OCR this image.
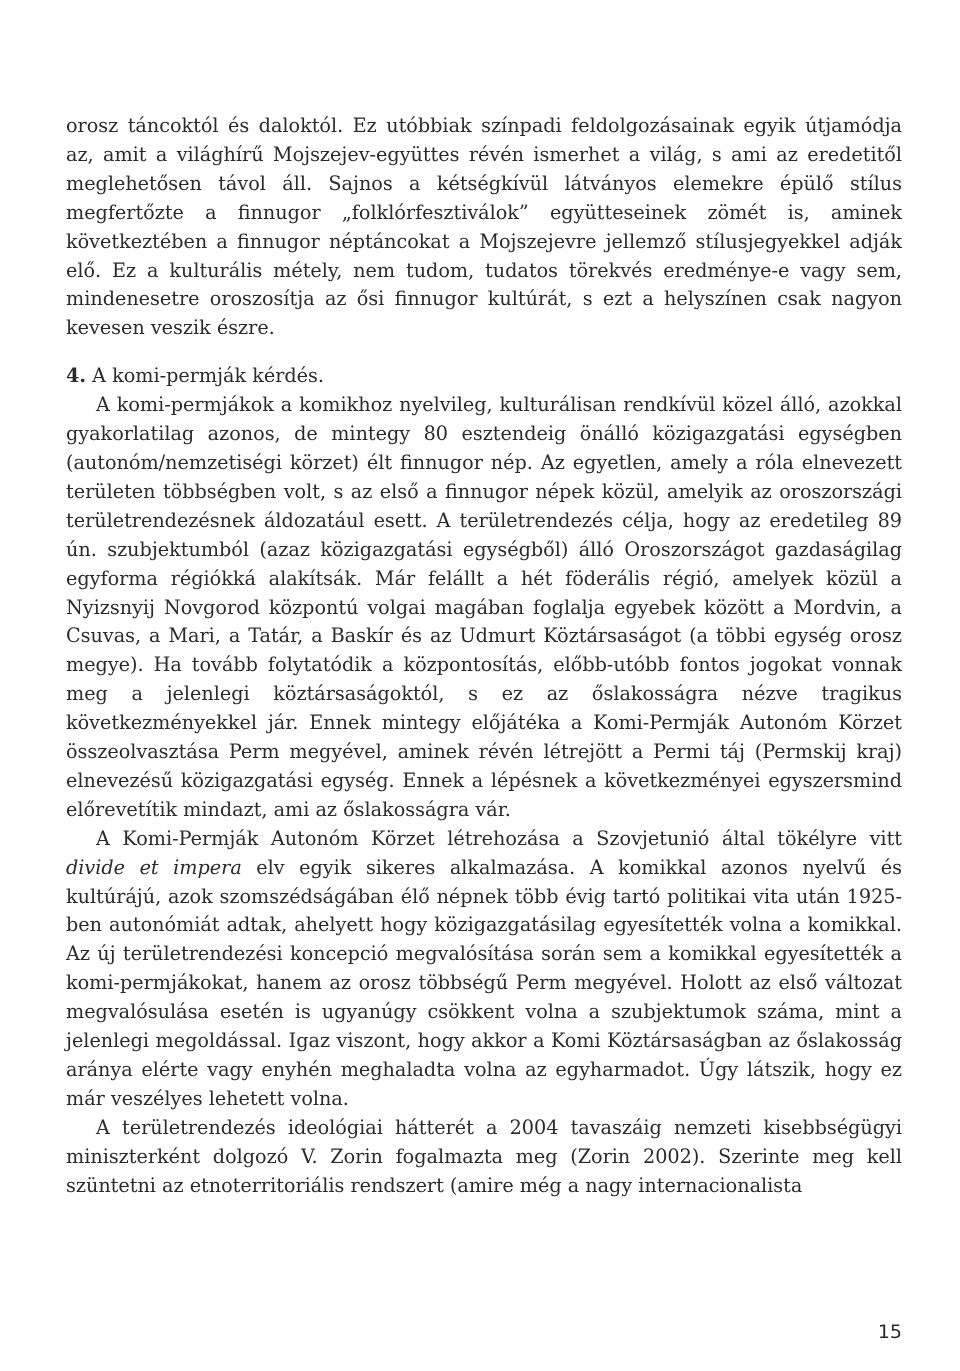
orosz táncoktól és daloktól. Ez utóbbiak színpadi feldolgozásainak egyik útjamódja az, amit a világhírű Mojszejev-együttes révén ismerhet a világ, s ami az eredetitől meglehetősen távol áll. Sajnos a kétségkívül látványos elemekre épülő stílus megfertőzte a finnugor „folklórfesztiválok” együtteseinek zömét is, aminek következtében a finnugor néptáncokat a Mojszejevre jellemző stílusjegyekkel adják elő. Ez a kulturális métely, nem tudom, tudatos törekvés eredménye-e vagy sem, mindenesetre oroszosítja az ősi finnugor kultúrát, s ezt a helyszínen csak nagyon kevesen veszik észre.

4. A komi-permják kérdés.

A komi-permjákok a komikhoz nyelvileg, kulturálisan rendkívül közel álló, azokkal gyakorlatilag azonos, de mintegy 80 esztendeig önálló közigazgatási egységben (autonóm/nemzetiségi körzet) élt finnugor nép. Az egyetlen, amely a róla elnevezett területen többségben volt, s az első a finnugor népek közül, amelyik az oroszországi területrendezésnek áldozatául esett. A területrendezés célja, hogy az eredetileg 89 ún. szubjektumból (azaz közigazgatási egységből) álló Oroszországot gazdaságilag egyforma régiókká alakítsák. Már felállt a hét föderális régió, amelyek közül a Nyizsnyij Novgorod központú volgai magában foglalja egyebek között a Mordvin, a Csuvas, a Mari, a Tatár, a Baskír és az Udmurt Köztársaságot (a többi egység orosz megye). Ha tovább folytatódik a központosítás, előbb-utóbb fontos jogokat vonnak meg a jelenlegi köztársaságoktól, s ez az őslakosságra nézve tragikus következményekkel jár. Ennek mintegy előjátéka a Komi-Permják Autonóm Körzet összeolvasztása Perm megyével, aminek révén létrejött a Permi táj (Permskij kraj) elnevezésű közigazgatási egység. Ennek a lépésnek a következményei egyszersmind előrevetítik mindazt, ami az őslakosságra vár.

A Komi-Permják Autonóm Körzet létrehozása a Szovjetunió által tökélyre vitt divide et impera elv egyik sikeres alkalmazása. A komikkal azonos nyelvű és kultúrájú, azok szomszédságában élő népnek több évig tartó politikai vita után 1925-ben autonómiát adtak, ahelyett hogy közigazgatásilag egyesítették volna a komikkal. Az új területrendezési koncepció megvalósítása során sem a komikkal egyesítették a komi-permjákokat, hanem az orosz többségű Perm megyével. Holott az első változat megvalósulása esetén is ugyanúgy csökkent volna a szubjektumok száma, mint a jelenlegi megoldással. Igaz viszont, hogy akkor a Komi Köztársaságban az őslakosság aránya elérte vagy enyhén meghaladta volna az egyharmadot. Úgy látszik, hogy ez már veszélyes lehetett volna.

A területrendezés ideológiai hátterét a 2004 tavaszáig nemzeti kisebbségügyi miniszterként dolgozó V. Zorin fogalmazta meg (Zorin 2002). Szerinte meg kell szüntetni az etnoterritoriális rendszert (amire még a nagy internacionalista

15
